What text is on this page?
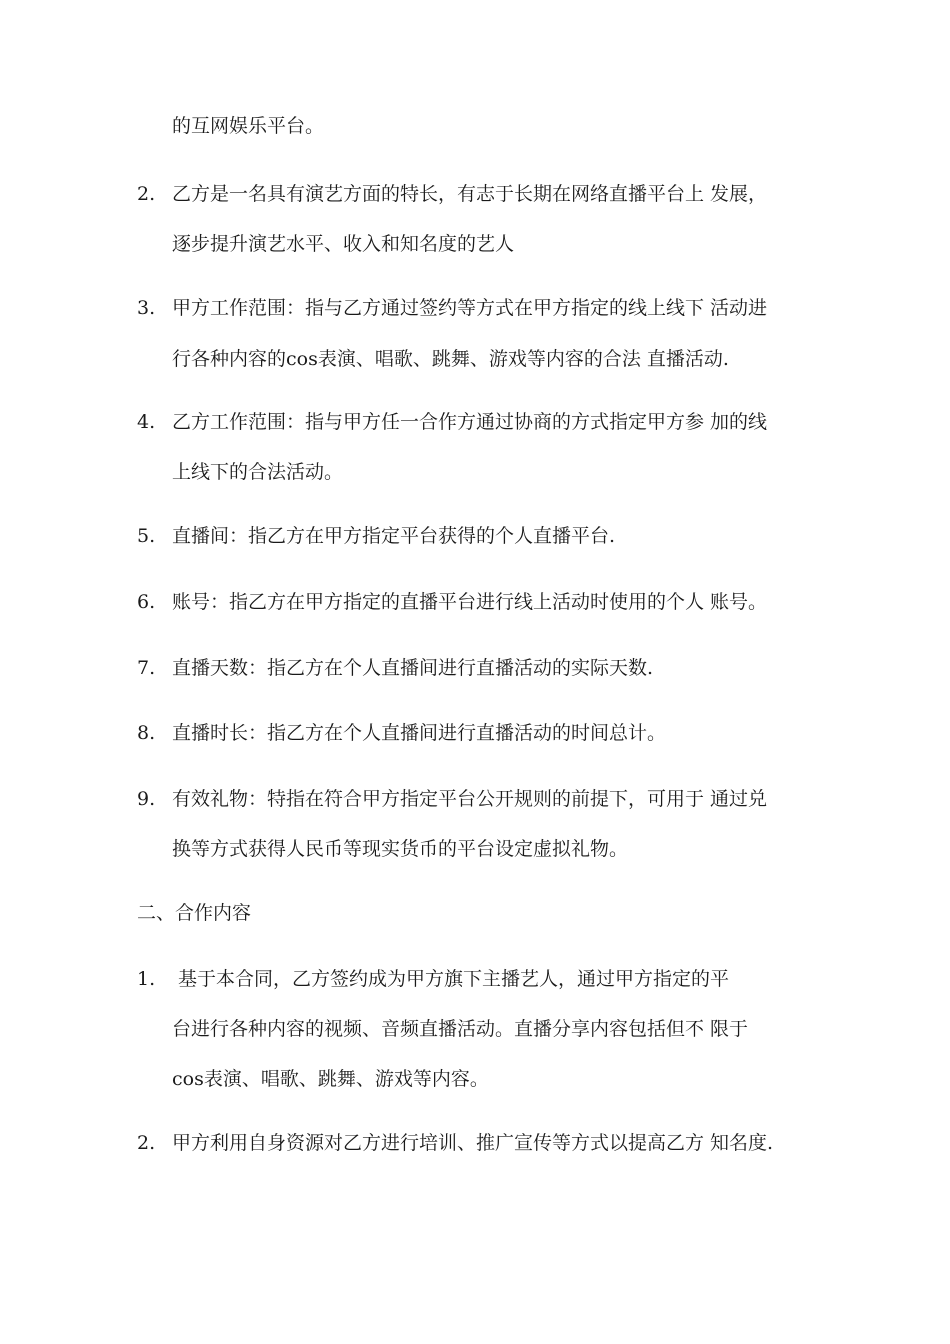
的互网娱乐平台。
2. 乙方是一名具有演艺方面的特长，有志于长期在网络直播平台上 发展，
逐步提升演艺水平、收入和知名度的艺人
3. 甲方工作范围：指与乙方通过签约等方式在甲方指定的线上线下 活动进
行各种内容的cos表演、唱歌、跳舞、游戏等内容的合法 直播活动.
4. 乙方工作范围：指与甲方任一合作方通过协商的方式指定甲方参 加的线
上线下的合法活动。
5. 直播间：指乙方在甲方指定平台获得的个人直播平台.
6. 账号：指乙方在甲方指定的直播平台进行线上活动时使用的个人 账号。
7. 直播天数：指乙方在个人直播间进行直播活动的实际天数.
8. 直播时长：指乙方在个人直播间进行直播活动的时间总计。
9. 有效礼物：特指在符合甲方指定平台公开规则的前提下，可用于 通过兑
换等方式获得人民币等现实货币的平台设定虚拟礼物。
二、合作内容
1. 基于本合同，乙方签约成为甲方旗下主播艺人，通过甲方指定的平
台进行各种内容的视频、音频直播活动。直播分享内容包括但不 限于
cos表演、唱歌、跳舞、游戏等内容。
2. 甲方利用自身资源对乙方进行培训、推广宣传等方式以提高乙方 知名度.
